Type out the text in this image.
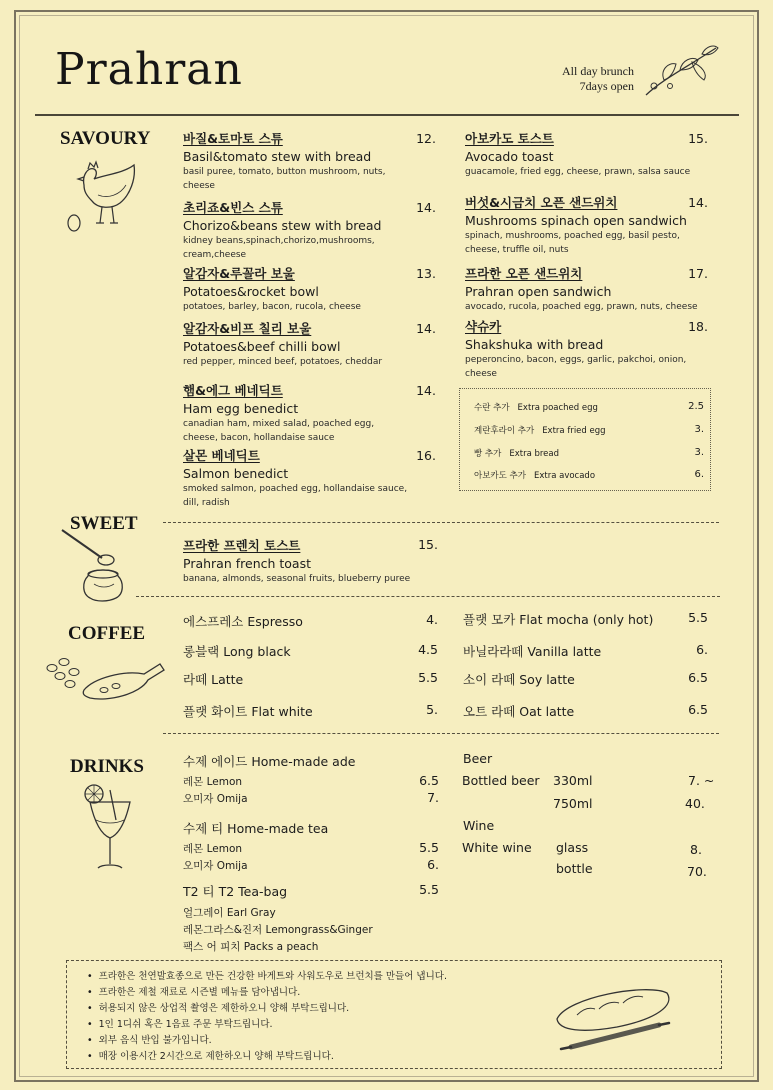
Prahran	All day brunch
7days open
SAVOURY	바질&토마토 스튜
Basil&tomato stew with bread
basil puree, tomato, button mushroom, nuts,
cheese
12.
초리죠&빈스 스튜
Chorizo&beans stew with bread
kidney beans,spinach,chorizo,mushrooms,
cream,cheese
14.
알감자&루꼴라 보울
Potatoes&rocket bowl
potatoes, barley, bacon, rucola, cheese
13.
알감자&비프 칠리 보울
Potatoes&beef chilli bowl
red pepper, minced beef, potatoes, cheddar
14.
햄&에그 베네딕트
Ham egg benedict
canadian ham, mixed salad, poached egg,
cheese, bacon, hollandaise sauce
14.
살몬 베네딕트
Salmon benedict
smoked salmon, poached egg, hollandaise sauce,
dill, radish
16.
아보카도 토스트
Avocado toast
guacamole, fried egg, cheese, prawn, salsa sauce
15.
버섯&시금치 오픈 샌드위치
Mushrooms spinach open sandwich
spinach, mushrooms, poached egg, basil pesto,
cheese, truffle oil, nuts
14.
프라한 오픈 샌드위치
Prahran open sandwich
avocado, rucola, poached egg, prawn, nuts, cheese
17.
샥슈카
Shakshuka with bread
peperoncino, bacon, eggs, garlic, pakchoi, onion, cheese
18.
수란 추가 Extra poached egg	2.5
계란후라이 추가 Extra fried egg	3.
빵 추가 Extra bread	3.
아보카도 추가 Extra avocado	6.
SWEET
프라한 프렌치 토스트
Prahran french toast
banana, almonds, seasonal fruits, blueberry puree
15.
COFFEE
에스프레소 Espresso	4.
롱블랙 Long black	4.5
라떼 Latte	5.5
플랫 화이트 Flat white	5.
플랫 모카 Flat mocha (only hot)	5.5
바닐라라떼 Vanilla latte	6.
소이 라떼 Soy latte	6.5
오트 라떼 Oat latte	6.5
DRINKS	수제 에이드 Home-made ade
레몬 Lemon	6.5
오미자 Omija	7.
수제 티 Home-made tea
레몬 Lemon	5.5
오미자 Omija	6.
T2 티 T2 Tea-bag	5.5
얼그레이 Earl Gray
레몬그라스&진저 Lemongrass&Ginger
팩스 어 피치 Packs a peach
Beer
Bottled beer 330ml	7. ~
750ml	40.
Wine
White wine glass	8.
bottle	70.
• 프라한은 천연발효종으로 만든 건강한 바게트와 사워도우로 브런치를 만들어 냅니다.
• 프라한은 제철 재료로 시즌별 메뉴를 담아냅니다.
• 허용되지 않은 상업적 촬영은 제한하오니 양해 부탁드립니다.
• 1인 1디쉬 혹은 1음료 주문 부탁드립니다.
• 외부 음식 반입 불가입니다.
• 매장 이용시간 2시간으로 제한하오니 양해 부탁드립니다.
